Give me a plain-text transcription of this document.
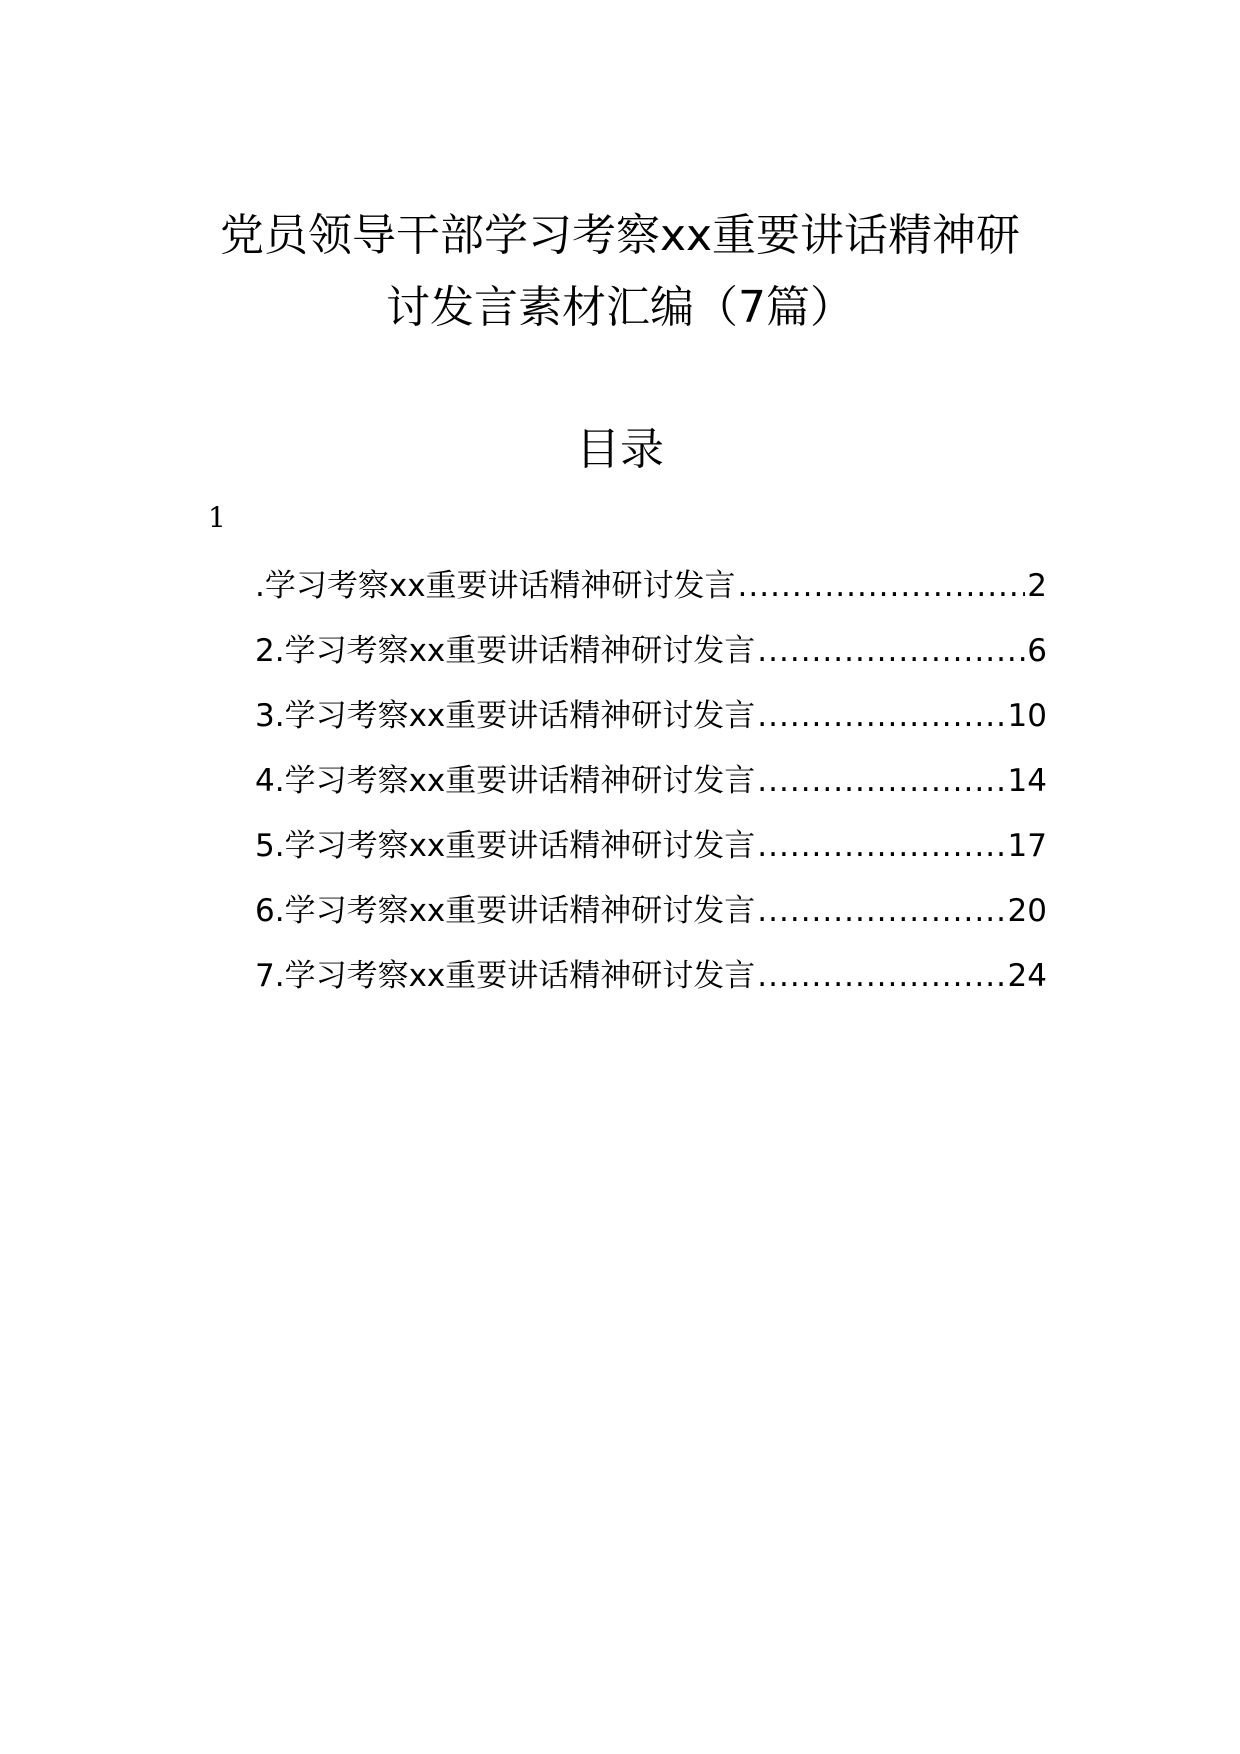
党员领导干部学习考察xx重要讲话精神研
讨发言素材汇编（7篇）
目录
1
.学习考察xx重要讲话精神研讨发言 .....	2
2.学习考察xx重要讲话精神研讨发言 .....	6
3.学习考察xx重要讲话精神研讨发言 .....	10
4.学习考察xx重要讲话精神研讨发言 .....	14
5.学习考察xx重要讲话精神研讨发言 .....	17
6.学习考察xx重要讲话精神研讨发言 .....	20
7.学习考察xx重要讲话精神研讨发言 .....	24
